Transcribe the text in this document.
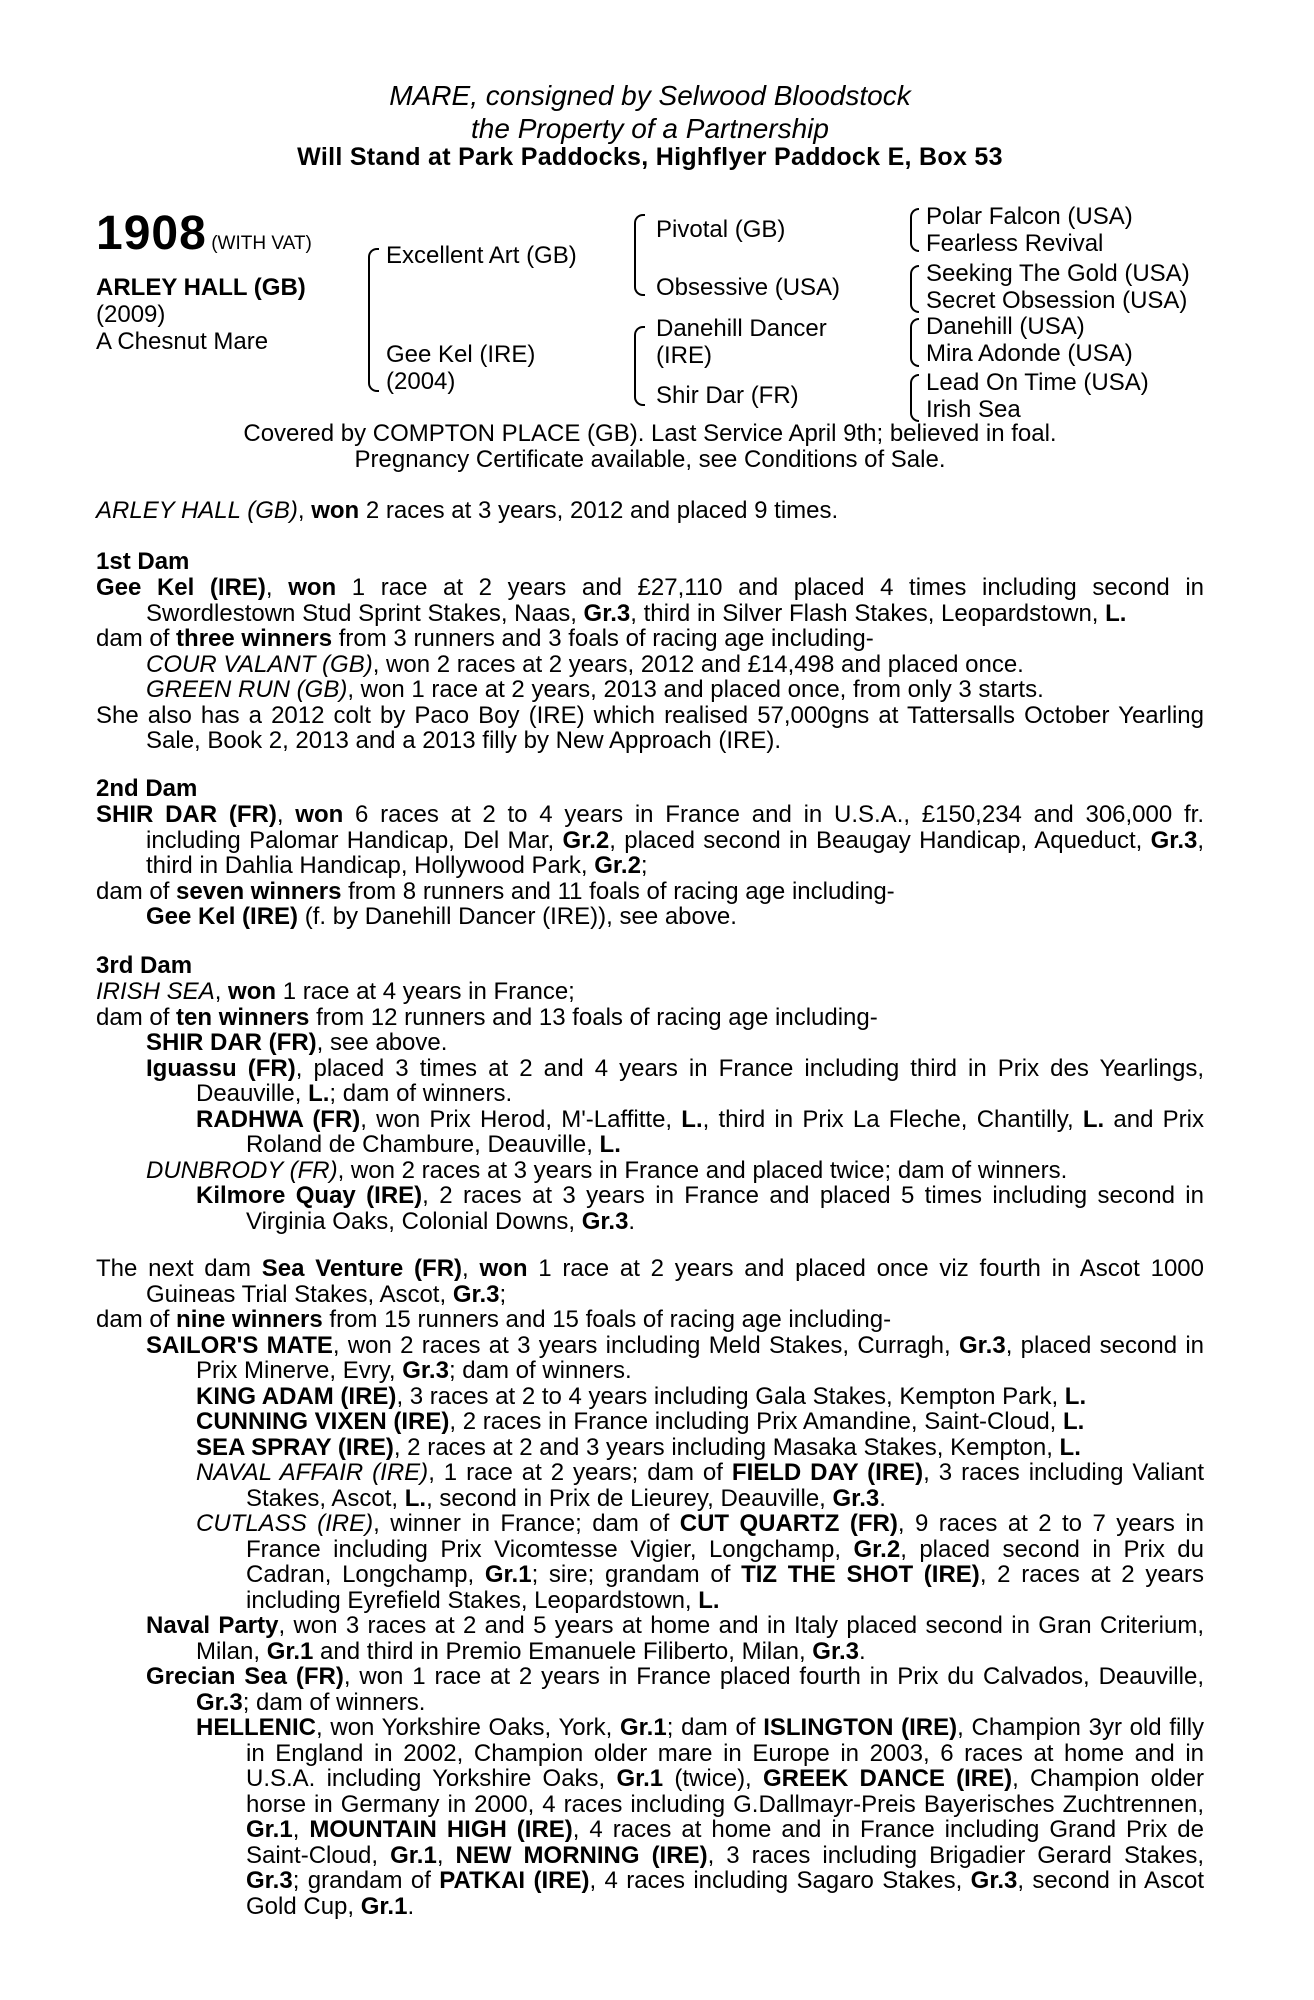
MARE, consigned by Selwood Bloodstock
the Property of a Partnership
Will Stand at Park Paddocks, Highflyer Paddock E, Box 53
1908 (WITH VAT)
ARLEY HALL (GB)
(2009)
A Chesnut Mare
Excellent Art (GB)
Gee Kel (IRE)
(2004)
Pivotal (GB)
Obsessive (USA)
Danehill Dancer
(IRE)
Shir Dar (FR)
Polar Falcon (USA)
Fearless Revival
Seeking The Gold (USA)
Secret Obsession (USA)
Danehill (USA)
Mira Adonde (USA)
Lead On Time (USA)
Irish Sea
Covered by COMPTON PLACE (GB). Last Service April 9th; believed in foal.
Pregnancy Certificate available, see Conditions of Sale.
ARLEY HALL (GB), won 2 races at 3 years, 2012 and placed 9 times.
1st Dam

Gee Kel (IRE), won 1 race at 2 years and £27,110 and placed 4 times including second in Swordlestown Stud Sprint Stakes, Naas, Gr.3, third in Silver Flash Stakes, Leopardstown, L.

dam of three winners from 3 runners and 3 foals of racing age including-

COUR VALANT (GB), won 2 races at 2 years, 2012 and £14,498 and placed once.

GREEN RUN (GB), won 1 race at 2 years, 2013 and placed once, from only 3 starts.

She also has a 2012 colt by Paco Boy (IRE) which realised 57,000gns at Tattersalls October Yearling Sale, Book 2, 2013 and a 2013 filly by New Approach (IRE).

2nd Dam

SHIR DAR (FR), won 6 races at 2 to 4 years in France and in U.S.A., £150,234 and 306,000 fr. including Palomar Handicap, Del Mar, Gr.2, placed second in Beaugay Handicap, Aqueduct, Gr.3, third in Dahlia Handicap, Hollywood Park, Gr.2;

dam of seven winners from 8 runners and 11 foals of racing age including-

Gee Kel (IRE) (f. by Danehill Dancer (IRE)), see above.

3rd Dam

IRISH SEA, won 1 race at 4 years in France;

dam of ten winners from 12 runners and 13 foals of racing age including-

SHIR DAR (FR), see above.

Iguassu (FR), placed 3 times at 2 and 4 years in France including third in Prix des Yearlings, Deauville, L.; dam of winners.

RADHWA (FR), won Prix Herod, M'-Laffitte, L., third in Prix La Fleche, Chantilly, L. and Prix Roland de Chambure, Deauville, L.

DUNBRODY (FR), won 2 races at 3 years in France and placed twice; dam of winners.

Kilmore Quay (IRE), 2 races at 3 years in France and placed 5 times including second in Virginia Oaks, Colonial Downs, Gr.3.

The next dam Sea Venture (FR), won 1 race at 2 years and placed once viz fourth in Ascot 1000 Guineas Trial Stakes, Ascot, Gr.3;

dam of nine winners from 15 runners and 15 foals of racing age including-

SAILOR'S MATE, won 2 races at 3 years including Meld Stakes, Curragh, Gr.3, placed second in Prix Minerve, Evry, Gr.3; dam of winners.

KING ADAM (IRE), 3 races at 2 to 4 years including Gala Stakes, Kempton Park, L.

CUNNING VIXEN (IRE), 2 races in France including Prix Amandine, Saint-Cloud, L.

SEA SPRAY (IRE), 2 races at 2 and 3 years including Masaka Stakes, Kempton, L.

NAVAL AFFAIR (IRE), 1 race at 2 years; dam of FIELD DAY (IRE), 3 races including Valiant Stakes, Ascot, L., second in Prix de Lieurey, Deauville, Gr.3.

CUTLASS (IRE), winner in France; dam of CUT QUARTZ (FR), 9 races at 2 to 7 years in France including Prix Vicomtesse Vigier, Longchamp, Gr.2, placed second in Prix du Cadran, Longchamp, Gr.1; sire; grandam of TIZ THE SHOT (IRE), 2 races at 2 years including Eyrefield Stakes, Leopardstown, L.

Naval Party, won 3 races at 2 and 5 years at home and in Italy placed second in Gran Criterium, Milan, Gr.1 and third in Premio Emanuele Filiberto, Milan, Gr.3.

Grecian Sea (FR), won 1 race at 2 years in France placed fourth in Prix du Calvados, Deauville, Gr.3; dam of winners.

HELLENIC, won Yorkshire Oaks, York, Gr.1; dam of ISLINGTON (IRE), Champion 3yr old filly in England in 2002, Champion older mare in Europe in 2003, 6 races at home and in U.S.A. including Yorkshire Oaks, Gr.1 (twice), GREEK DANCE (IRE), Champion older horse in Germany in 2000, 4 races including G.Dallmayr-Preis Bayerisches Zuchtrennen, Gr.1, MOUNTAIN HIGH (IRE), 4 races at home and in France including Grand Prix de Saint-Cloud, Gr.1, NEW MORNING (IRE), 3 races including Brigadier Gerard Stakes, Gr.3; grandam of PATKAI (IRE), 4 races including Sagaro Stakes, Gr.3, second in Ascot Gold Cup, Gr.1.
